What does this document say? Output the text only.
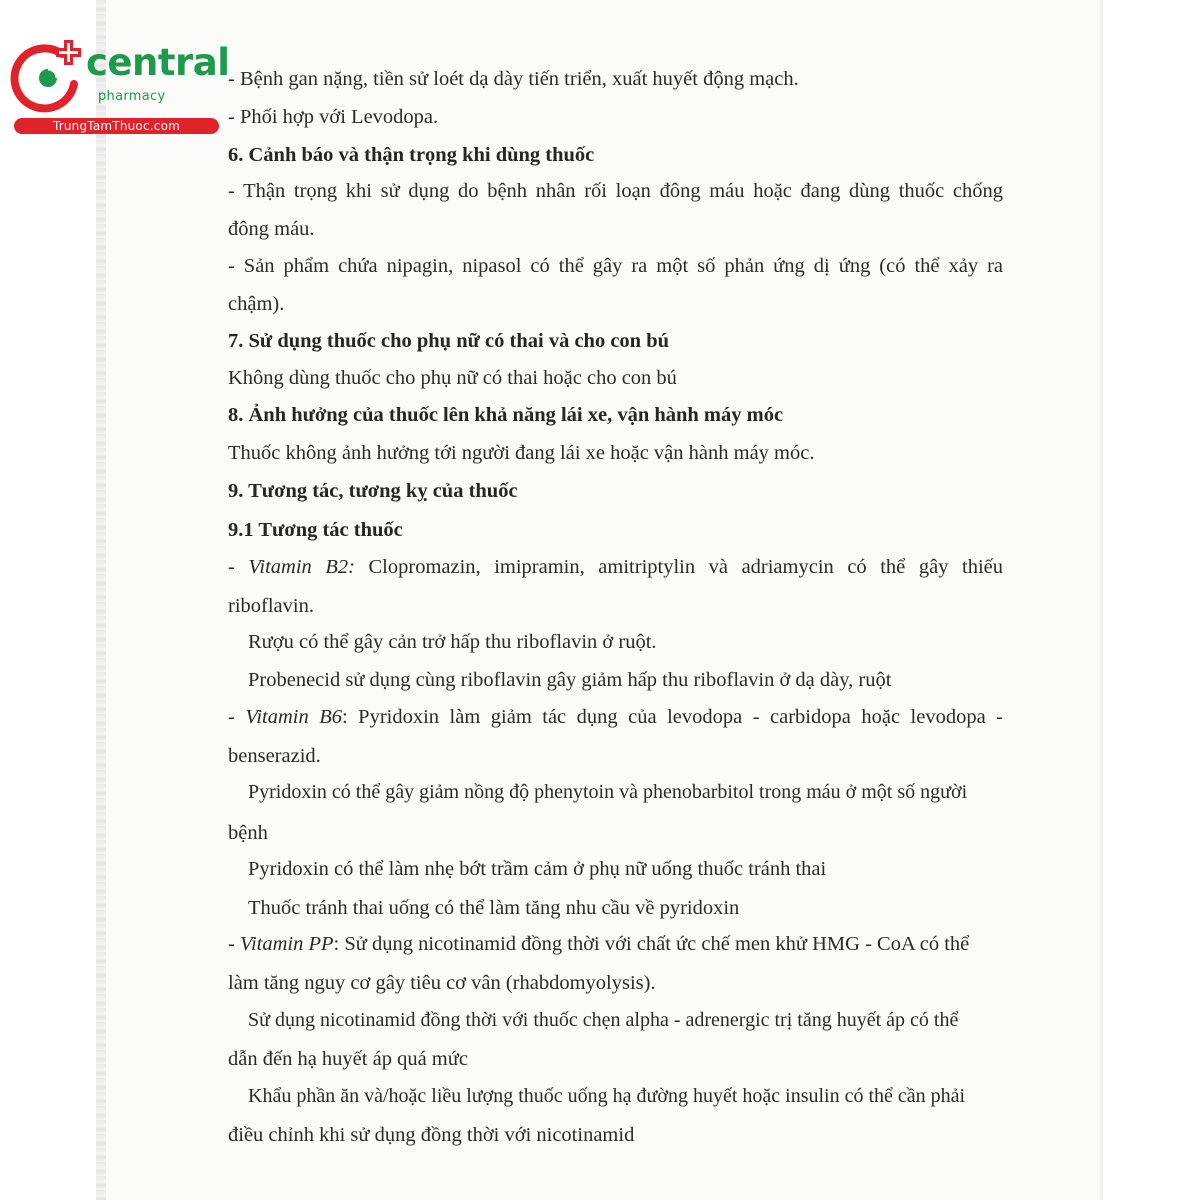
central
pharmacy
TrungTamThuoc.com
- Bệnh gan nặng, tiền sử loét dạ dày tiến triển, xuất huyết động mạch.
- Phối hợp với Levodopa.
6. Cảnh báo và thận trọng khi dùng thuốc
- Thận trọng khi sử dụng do bệnh nhân rối loạn đông máu hoặc đang dùng thuốc chống
đông máu.
- Sản phẩm chứa nipagin, nipasol có thể gây ra một số phản ứng dị ứng (có thể xảy ra
chậm).
7. Sử dụng thuốc cho phụ nữ có thai và cho con bú
Không dùng thuốc cho phụ nữ có thai hoặc cho con bú
8. Ảnh hưởng của thuốc lên khả năng lái xe, vận hành máy móc
Thuốc không ảnh hưởng tới người đang lái xe hoặc vận hành máy móc.
9. Tương tác, tương kỵ của thuốc
9.1 Tương tác thuốc
- Vitamin B2: Clopromazin, imipramin, amitriptylin và adriamycin có thể gây thiếu
riboflavin.
Rượu có thể gây cản trở hấp thu riboflavin ở ruột.
Probenecid sử dụng cùng riboflavin gây giảm hấp thu riboflavin ở dạ dày, ruột
- Vitamin B6: Pyridoxin làm giảm tác dụng của levodopa - carbidopa hoặc levodopa -
benserazid.
Pyridoxin có thể gây giảm nồng độ phenytoin và phenobarbitol trong máu ở một số người
bệnh
Pyridoxin có thể làm nhẹ bớt trầm cảm ở phụ nữ uống thuốc tránh thai
Thuốc tránh thai uống có thể làm tăng nhu cầu về pyridoxin
- Vitamin PP: Sử dụng nicotinamid đồng thời với chất ức chế men khử HMG - CoA có thể
làm tăng nguy cơ gây tiêu cơ vân (rhabdomyolysis).
Sử dụng nicotinamid đồng thời với thuốc chẹn alpha - adrenergic trị tăng huyết áp có thể
dẫn đến hạ huyết áp quá mức
Khẩu phần ăn và/hoặc liều lượng thuốc uống hạ đường huyết hoặc insulin có thể cần phải
điều chỉnh khi sử dụng đồng thời với nicotinamid
